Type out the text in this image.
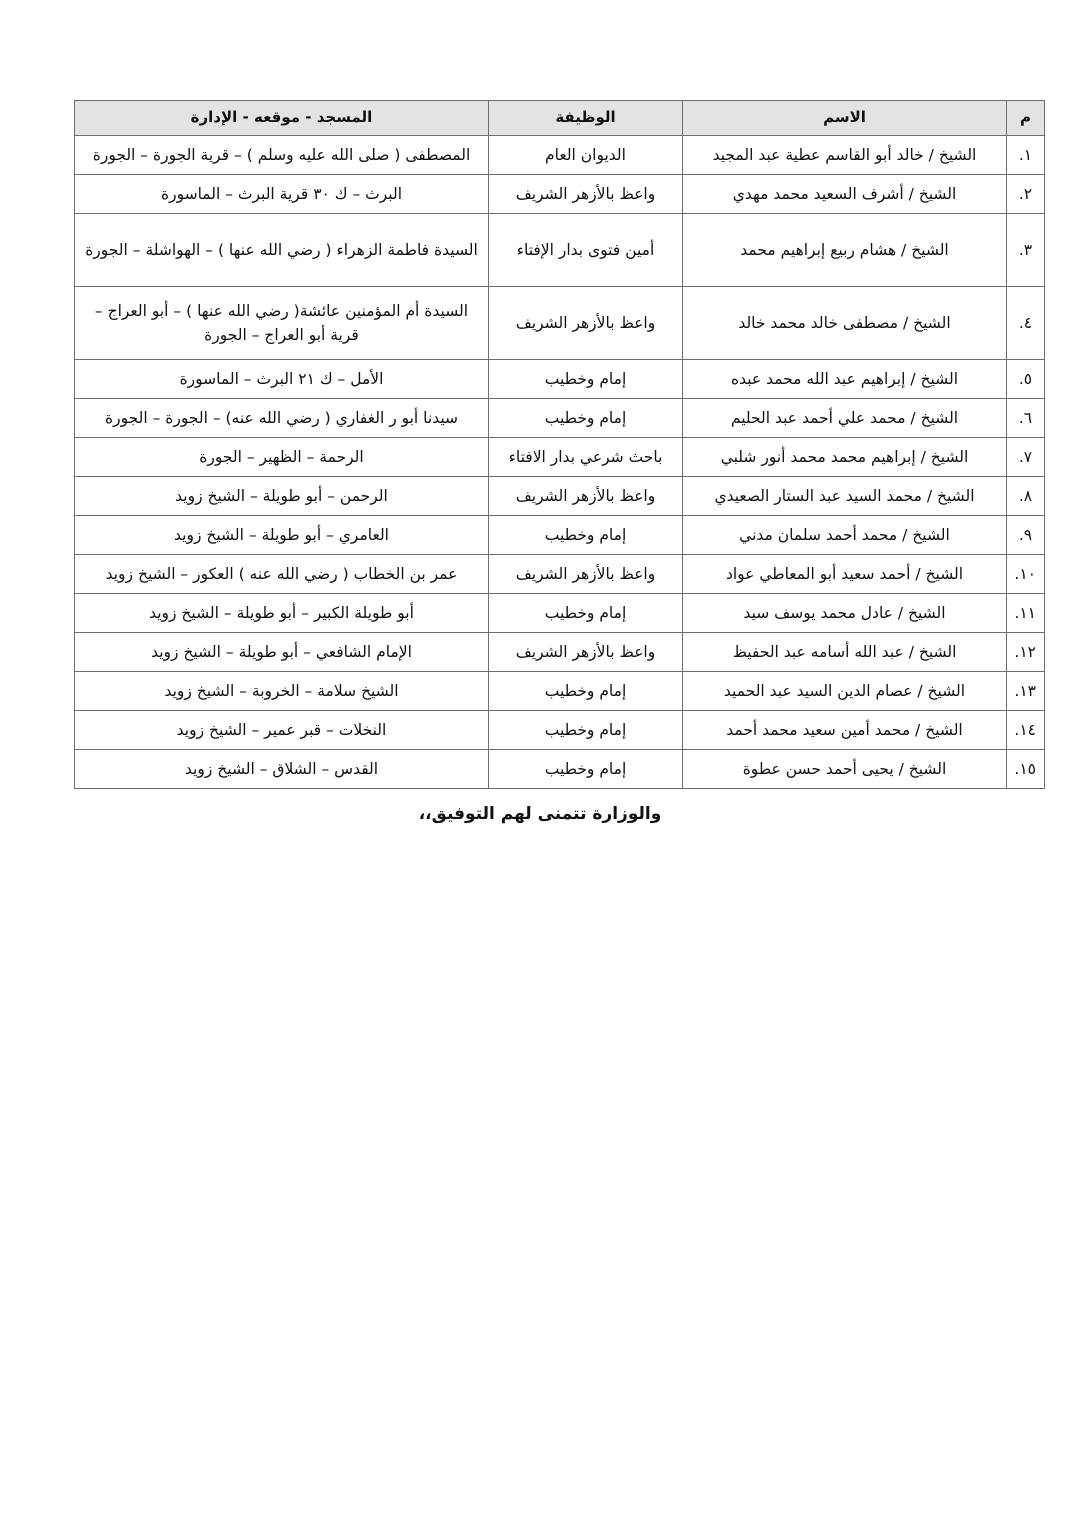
م	الاسم	الوظيفة	المسجد - موقعه - الإدارة
١.	الشيخ / خالد أبو القاسم عطية عبد المجيد	الديوان العام	المصطفى ( صلى الله عليه وسلم ) – قرية الجورة – الجورة
٢.	الشيخ / أشرف السعيد محمد مهدي	واعظ بالأزهر الشريف	البرث – ك ٣٠ قرية البرث – الماسورة
٣.	الشيخ / هشام ربيع إبراهيم محمد	أمين فتوى بدار الإفتاء	السيدة فاطمة الزهراء ( رضي الله عنها ) – الهواشلة – الجورة
٤.	الشيخ / مصطفى خالد محمد خالد	واعظ بالأزهر الشريف	السيدة أم المؤمنين عائشة( رضي الله عنها ) – أبو العراج – قرية أبو العراج – الجورة
٥.	الشيخ / إبراهيم عبد الله محمد عبده	إمام وخطيب	الأمل – ك ٢١ البرث – الماسورة
٦.	الشيخ / محمد علي أحمد عبد الحليم	إمام وخطيب	سيدنا أبو ر الغفاري ( رضي الله عنه) – الجورة – الجورة
٧.	الشيخ / إبراهيم محمد محمد أنور شلبي	باحث شرعي بدار الافتاء	الرحمة – الظهير – الجورة
٨.	الشيخ / محمد السيد عبد الستار الصعيدي	واعظ بالأزهر الشريف	الرحمن – أبو طويلة – الشيخ زويد
٩.	الشيخ / محمد أحمد سلمان مدني	إمام وخطيب	العامري – أبو طويلة – الشيخ زويد
١٠.	الشيخ / أحمد سعيد أبو المعاطي عواد	واعظ بالأزهر الشريف	عمر بن الخطاب ( رضي الله عنه ) العكور – الشيخ زويد
١١.	الشيخ / عادل محمد يوسف سيد	إمام وخطيب	أبو طويلة الكبير – أبو طويلة – الشيخ زويد
١٢.	الشيخ / عبد الله أسامه عبد الحفيظ	واعظ بالأزهر الشريف	الإمام الشافعي – أبو طويلة – الشيخ زويد
١٣.	الشيخ / عصام الدين السيد عبد الحميد	إمام وخطيب	الشيخ سلامة – الخروبة – الشيخ زويد
١٤.	الشيخ / محمد أمين سعيد محمد أحمد	إمام وخطيب	النخلات – قبر عمير – الشيخ زويد
١٥.	الشيخ / يحيى أحمد حسن عطوة	إمام وخطيب	القدس – الشلاق – الشيخ زويد
والوزارة تتمنى لهم التوفيق،،
